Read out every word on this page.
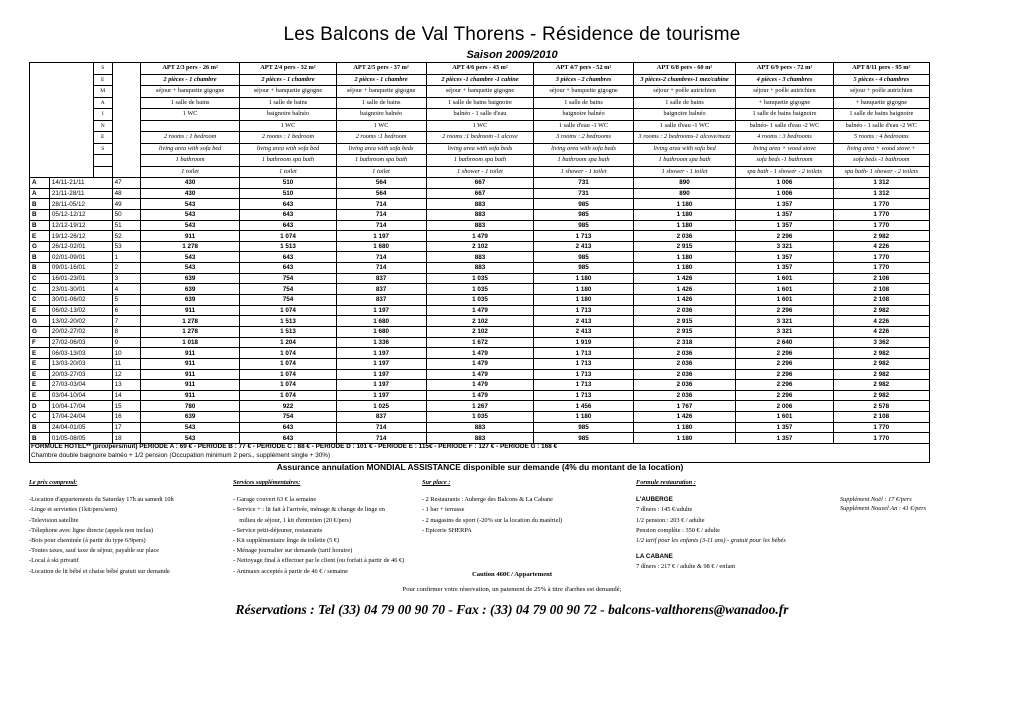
Les Balcons de Val Thorens - Résidence de tourisme
Saison 2009/2010
		S		APT 2/3 pers - 26 m²	APT 2/4 pers - 32 m²	APT 2/5 pers - 37 m²	APT 4/6 pers - 43 m²	APT 4/7 pers - 52 m²	APT 6/8 pers - 60 m²	APT 6/9 pers - 72 m²	APT 8/11 pers - 95 m²
		E		2 pièces - 1 chambre	2 pièces - 1 chambre	2 pièces - 1 chambre	2 pièces -1 chambre -1 cabine	3 pièces - 2 chambres	3 pièces-2 chambres-1 mez/cabine	4 pièces - 3 chambres	5 pièces - 4 chambres
		M		séjour + banquette gigogne	séjour + banquette gigogne	séjour + banquette gigogne	séjour + banquette gigogne	séjour + banquette gigogne	séjour + poêle autrichien	séjour + poêle autrichien	séjour + poêle autrichien
		A		1 salle de bains	1 salle de bains	1 salle de bains	1 salle de bains baignoire	1 salle de bains	1 salle de bains	+ banquette gigogne	+ banquette gigogne
		I		1 WC	baignoire balnéo	baignoire balnéo	balnéo - 1 salle d'eau	baignoire balnéo	baignoire balnéo	1 salle de bains baignoire	1 salle de bains baignoire
		N			1 WC	1 WC	1 WC	1 salle d'eau -1 WC	1 salle d'eau -1 WC	balnéo- 1 salle d'eau -2 WC	balnéo - 1 salle d'eau -2 WC
		E		2 rooms : 1 bedroom	2 rooms : 1 bedroom	2 rooms :1 bedroom	2 rooms :1 bedroom -1 alcove	3 rooms : 2 bedrooms	3 rooms : 2 bedrooms-1 alcove/mezz	4 rooms : 3 bedrooms	5 rooms : 4 bedrooms
		S		living area with sofa bed	living area with sofa bed	living area with sofa beds	living area with sofa beds	living area with sofa beds	living area with sofa bed	living area + wood stove	living area + wood stove +
				1 bathroom	1 bathroom spa bath	1 bathroom spa bath	1 bathroom spa bath	1 bathroom spa bath	1 bathroom spa bath	sofa beds -1 bathroom	sofa beds -1 bathroom
				1 toilet	1 toilet	1 toilet	1 shower - 1 toilet	1 shower - 1 toilet	1 shower - 1 toilet	spa bath - 1 shower - 2 toilets	spa bath- 1 shower - 2 toilets
A	14/11-21/11		47	430	510	564	667	731	890	1 006	1 312
A	21/11-28/11		48	430	510	564	667	731	890	1 006	1 312
B	28/11-05/12		49	543	643	714	883	985	1 180	1 357	1 770
B	05/12-12/12		50	543	643	714	883	985	1 180	1 357	1 770
B	12/12-19/12		51	543	643	714	883	985	1 180	1 357	1 770
E	19/12-26/12		52	911	1 074	1 197	1 479	1 713	2 036	2 296	2 982
G	26/12-02/01		53	1 278	1 513	1 680	2 102	2 413	2 915	3 321	4 226
B	02/01-09/01		1	543	643	714	883	985	1 180	1 357	1 770
B	09/01-16/01		2	543	643	714	883	985	1 180	1 357	1 770
C	16/01-23/01		3	639	754	837	1 035	1 180	1 426	1 601	2 108
C	23/01-30/01		4	639	754	837	1 035	1 180	1 426	1 601	2 108
C	30/01-06/02		5	639	754	837	1 035	1 180	1 426	1 601	2 108
E	06/02-13/02		6	911	1 074	1 197	1 479	1 713	2 036	2 296	2 982
G	13/02-20/02		7	1 278	1 513	1 680	2 102	2 413	2 915	3 321	4 226
G	20/02-27/02		8	1 278	1 513	1 680	2 102	2 413	2 915	3 321	4 226
F	27/02-06/03		9	1 018	1 204	1 336	1 672	1 919	2 318	2 640	3 362
E	06/03-13/03		10	911	1 074	1 197	1 479	1 713	2 036	2 296	2 982
E	13/03-20/03		11	911	1 074	1 197	1 479	1 713	2 036	2 296	2 982
E	20/03-27/03		12	911	1 074	1 197	1 479	1 713	2 036	2 296	2 982
E	27/03-03/04		13	911	1 074	1 197	1 479	1 713	2 036	2 296	2 982
E	03/04-10/04		14	911	1 074	1 197	1 479	1 713	2 036	2 296	2 982
D	10/04-17/04		15	780	922	1 025	1 267	1 456	1 767	2 006	2 578
C	17/04-24/04		16	639	754	837	1 035	1 180	1 426	1 601	2 108
B	24/04-01/05		17	543	643	714	883	985	1 180	1 357	1 770
B	01/05-08/05		18	543	643	714	883	985	1 180	1 357	1 770
FORMULE HOTEL** (prix/pers/nuit) PERIODE A : 69 € - PERIODE B : 77 € - PERIODE C : 88 € - PERIODE D : 101 € - PERIODE E : 115€ - PERIODE F : 127 € - PERIODE G : 168 €
Chambre double baignoire balnéo + 1/2 pension (Occupation minimum 2 pers., supplément single + 30%)
Assurance annulation MONDIAL ASSISTANCE disponible sur demande (4% du montant de la location)
Le prix comprend:
-Location d'appartements du Saturday 17h au samedi 10h
-Linge et serviettes (1kit/pers/sem)
-Television satellite
-Télephone avec ligne directe (appels non inclus)
-Bois pour cheminée (à partir du type 6/9pers)
-Toutes taxes, sauf taxe de séjour, payable sur place
-Local à ski privatif
-Location de lit bébé et chaise bébé gratuit sur demande
Services supplémentaires:
- Garage couvert 63 € la semaine
- Service + : lit fait à l'arrivée, ménage & change de linge en
milieu de séjour, 1 kit d'entretien (20 €/pers)
- Service petit-déjeuner, restaurants
- Kit supplémentaire linge de toilette (5 €)
- Ménage journalier sur demande (tarif horaire)
- Nettoyage final à effectuer par le client (ou forfait à partir de 46 €)
- Animaux acceptés à partir de 46 € / semaine
Sur place :
- 2 Restaurants : Auberge des Balcons & La Cabane
- 1 bar + terrasse
- 2 magasins de sport (-20% sur la location du matériel)
- Epicerie SHERPA
Formule restauration :
L'AUBERGE
7 dîners : 145 €/adulte
1/2 pension : 203 € / adulte
Pension complète : 350 € / adulte
1/2 tarif pour les enfants (3-11 ans) - gratuit pour les bébés
LA CABANE
7 dîners : 217 € / adulte & 98 € / enfant
Supplément Noël : 17 €/pers
Supplément Nouvel An : 41 €/pers
Caution 460€ / Appartement
Pour confirmer votre réservation, un paiement de 25% à titre d'arrhes est demandé;
Réservations : Tel (33) 04 79 00 90 70 - Fax : (33) 04 79 00 90 72 - balcons-valthorens@wanadoo.fr
